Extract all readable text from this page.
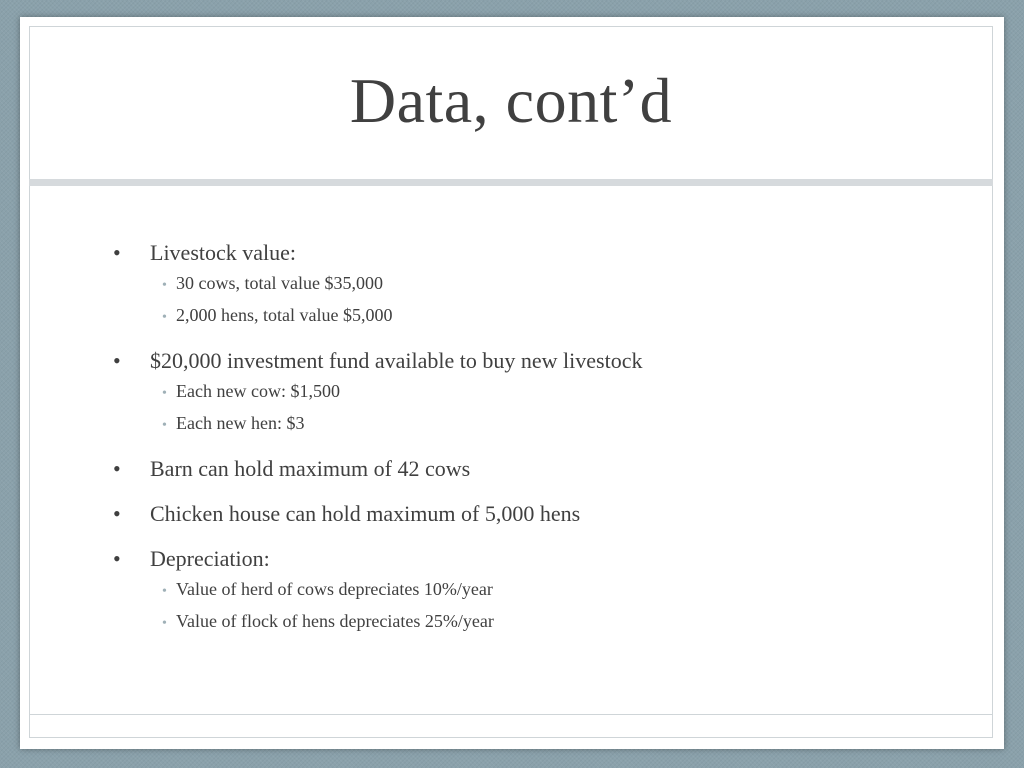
Data, cont’d
•	Livestock value:
• 30 cows, total value $35,000
• 2,000 hens, total value $5,000
•	$20,000 investment fund available to buy new livestock
• Each new cow: $1,500
• Each new hen: $3
•	Barn can hold maximum of 42 cows
•	Chicken house can hold maximum of 5,000 hens
•	Depreciation:
• Value of herd of cows depreciates 10%/year
• Value of flock of hens depreciates 25%/year
